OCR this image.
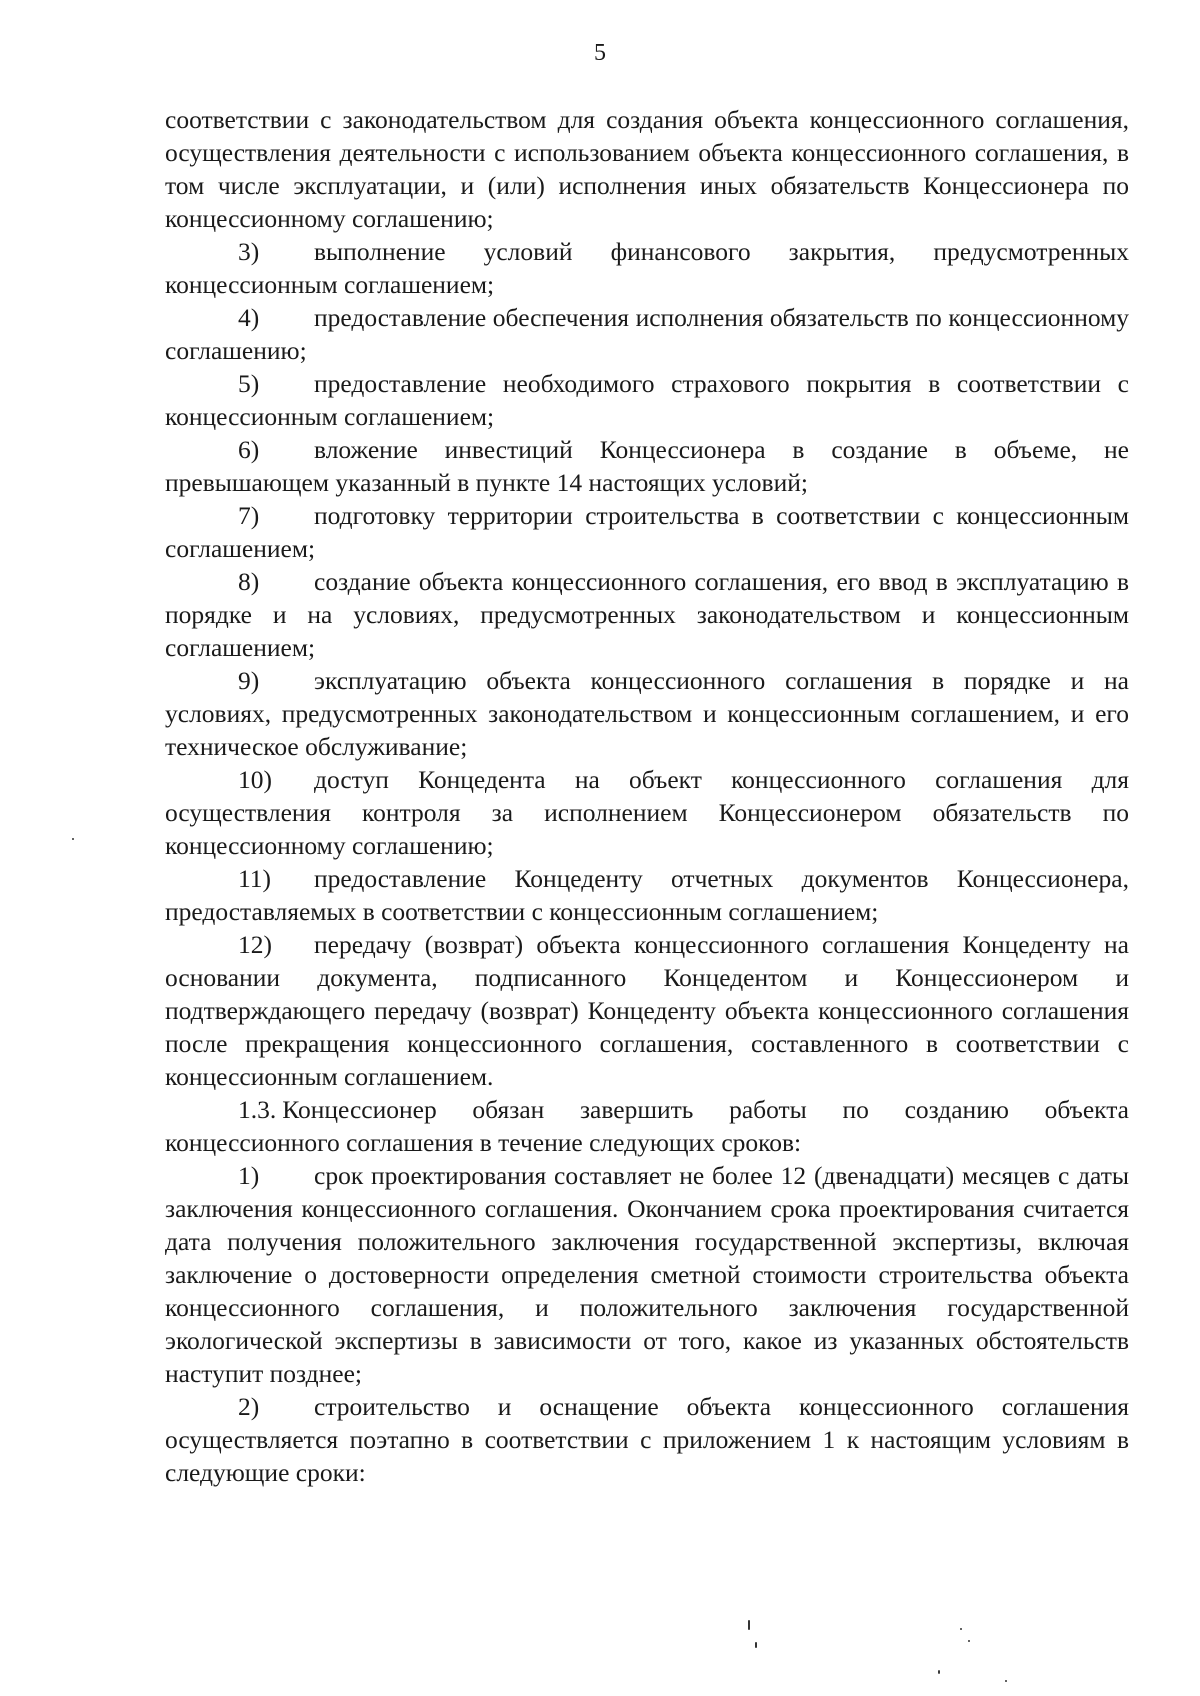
5

соответствии с законодательством для создания объекта концессионного соглашения, осуществления деятельности с использованием объекта концессионного соглашения, в том числе эксплуатации, и (или) исполнения иных обязательств Концессионера по концессионному соглашению;

3) выполнение условий финансового закрытия, предусмотренных концессионным соглашением;

4) предоставление обеспечения исполнения обязательств по концессионному соглашению;

5) предоставление необходимого страхового покрытия в соответствии с концессионным соглашением;

6) вложение инвестиций Концессионера в создание в объеме, не превышающем указанный в пункте 14 настоящих условий;

7) подготовку территории строительства в соответствии с концессионным соглашением;

8) создание объекта концессионного соглашения, его ввод в эксплуатацию в порядке и на условиях, предусмотренных законодательством и концессионным соглашением;

9) эксплуатацию объекта концессионного соглашения в порядке и на условиях, предусмотренных законодательством и концессионным соглашением, и его техническое обслуживание;

10) доступ Концедента на объект концессионного соглашения для осуществления контроля за исполнением Концессионером обязательств по концессионному соглашению;

11) предоставление Концеденту отчетных документов Концессионера, предоставляемых в соответствии с концессионным соглашением;

12) передачу (возврат) объекта концессионного соглашения Концеденту на основании документа, подписанного Концедентом и Концессионером и подтверждающего передачу (возврат) Концеденту объекта концессионного соглашения после прекращения концессионного соглашения, составленного в соответствии с концессионным соглашением.

1.3. Концессионер обязан завершить работы по созданию объекта концессионного соглашения в течение следующих сроков:

1) срок проектирования составляет не более 12 (двенадцати) месяцев с даты заключения концессионного соглашения. Окончанием срока проектирования считается дата получения положительного заключения государственной экспертизы, включая заключение о достоверности определения сметной стоимости строительства объекта концессионного соглашения, и положительного заключения государственной экологической экспертизы в зависимости от того, какое из указанных обстоятельств наступит позднее;

2) строительство и оснащение объекта концессионного соглашения осуществляется поэтапно в соответствии с приложением 1 к настоящим условиям в следующие сроки:
